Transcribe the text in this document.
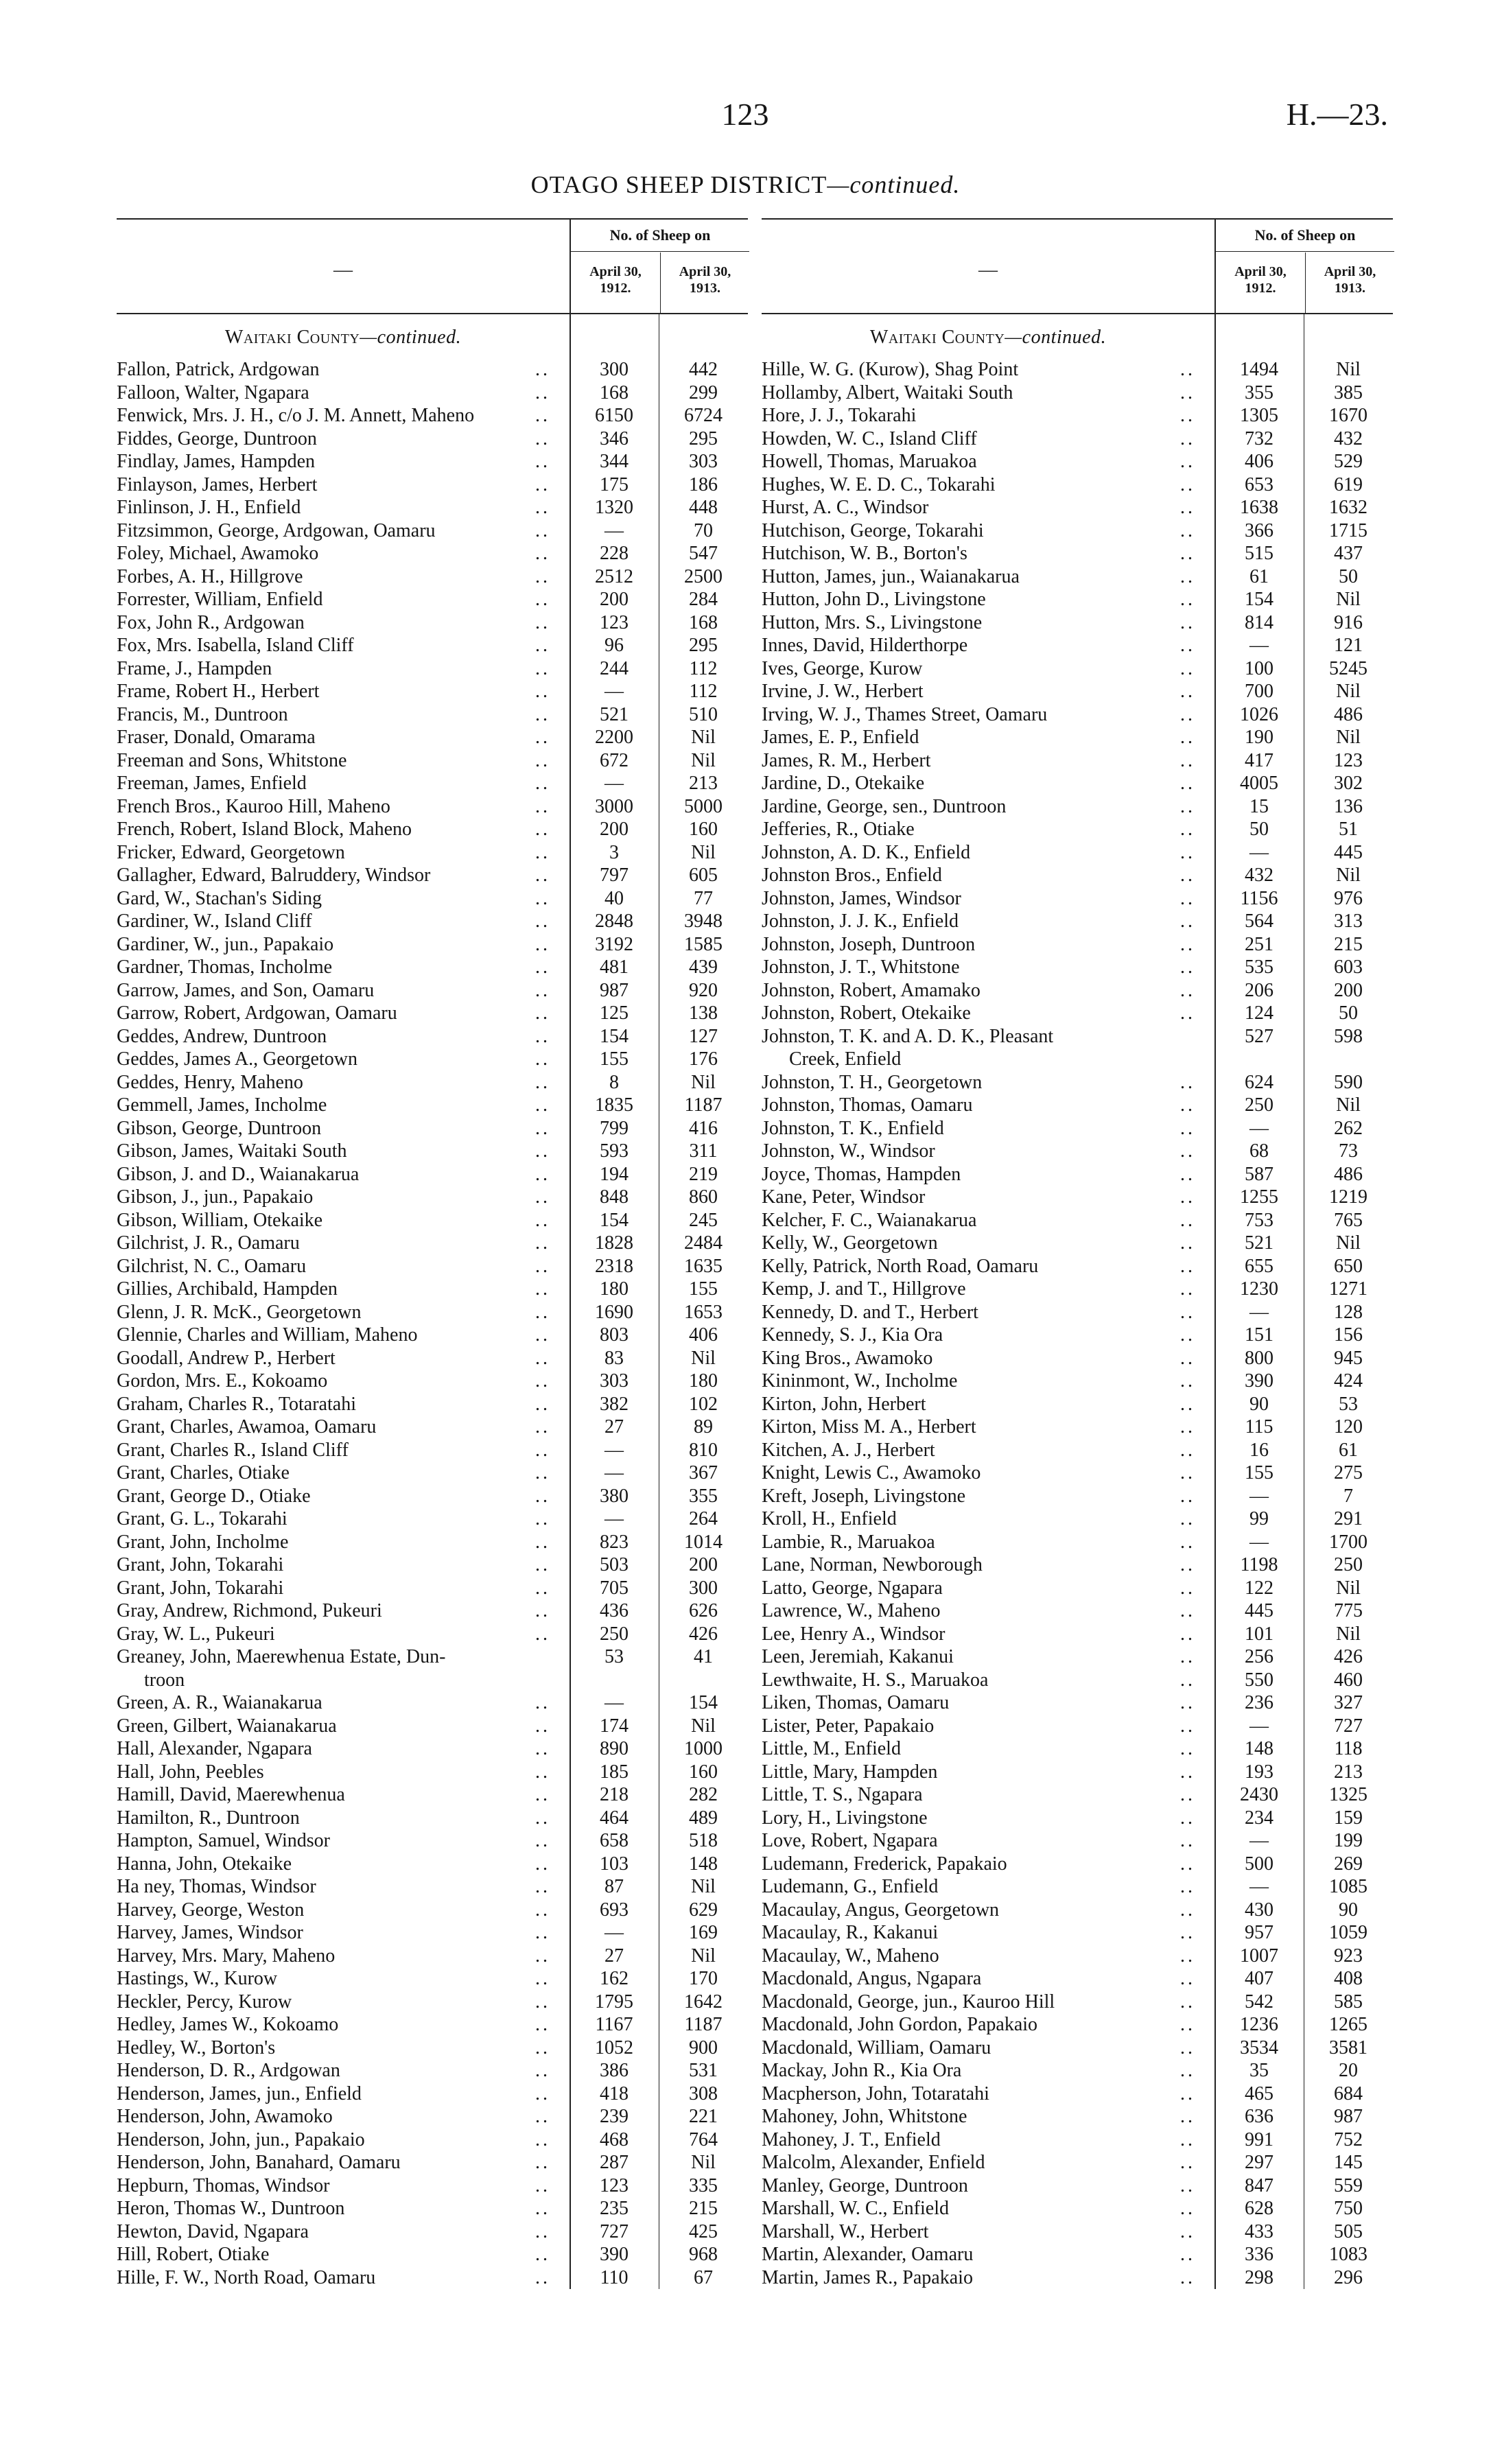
123	H.—23.
OTAGO SHEEP DISTRICT—continued.
—
No. of Sheep on
April 30,
1912.
April 30,
1913.
Waitaki County—continued.
Fallon, Patrick, Ardgowan	..	300	442
Falloon, Walter, Ngapara	..	168	299
Fenwick, Mrs. J. H., c/o J. M. Annett, Maheno	..	6150	6724
Fiddes, George, Duntroon	..	346	295
Findlay, James, Hampden	..	344	303
Finlayson, James, Herbert	..	175	186
Finlinson, J. H., Enfield	..	1320	448
Fitzsimmon, George, Ardgowan, Oamaru	..	—	70
Foley, Michael, Awamoko	..	228	547
Forbes, A. H., Hillgrove	..	2512	2500
Forrester, William, Enfield	..	200	284
Fox, John R., Ardgowan	..	123	168
Fox, Mrs. Isabella, Island Cliff	..	96	295
Frame, J., Hampden	..	244	112
Frame, Robert H., Herbert	..	—	112
Francis, M., Duntroon	..	521	510
Fraser, Donald, Omarama	..	2200	Nil
Freeman and Sons, Whitstone	..	672	Nil
Freeman, James, Enfield	..	—	213
French Bros., Kauroo Hill, Maheno	..	3000	5000
French, Robert, Island Block, Maheno	..	200	160
Fricker, Edward, Georgetown	..	3	Nil
Gallagher, Edward, Balruddery, Windsor	..	797	605
Gard, W., Stachan's Siding	..	40	77
Gardiner, W., Island Cliff	..	2848	3948
Gardiner, W., jun., Papakaio	..	3192	1585
Gardner, Thomas, Incholme	..	481	439
Garrow, James, and Son, Oamaru	..	987	920
Garrow, Robert, Ardgowan, Oamaru	..	125	138
Geddes, Andrew, Duntroon	..	154	127
Geddes, James A., Georgetown	..	155	176
Geddes, Henry, Maheno	..	8	Nil
Gemmell, James, Incholme	..	1835	1187
Gibson, George, Duntroon	..	799	416
Gibson, James, Waitaki South	..	593	311
Gibson, J. and D., Waianakarua	..	194	219
Gibson, J., jun., Papakaio	..	848	860
Gibson, William, Otekaike	..	154	245
Gilchrist, J. R., Oamaru	..	1828	2484
Gilchrist, N. C., Oamaru	..	2318	1635
Gillies, Archibald, Hampden	..	180	155
Glenn, J. R. McK., Georgetown	..	1690	1653
Glennie, Charles and William, Maheno	..	803	406
Goodall, Andrew P., Herbert	..	83	Nil
Gordon, Mrs. E., Kokoamo	..	303	180
Graham, Charles R., Totaratahi	..	382	102
Grant, Charles, Awamoa, Oamaru	..	27	89
Grant, Charles R., Island Cliff	..	—	810
Grant, Charles, Otiake	..	—	367
Grant, George D., Otiake	..	380	355
Grant, G. L., Tokarahi	..	—	264
Grant, John, Incholme	..	823	1014
Grant, John, Tokarahi	..	503	200
Grant, John, Tokarahi	..	705	300
Gray, Andrew, Richmond, Pukeuri	..	436	626
Gray, W. L., Pukeuri	..	250	426
Greaney, John, Maerewhenua Estate, Dun-
troon
53	41
Green, A. R., Waianakarua	..	—	154
Green, Gilbert, Waianakarua	..	174	Nil
Hall, Alexander, Ngapara	..	890	1000
Hall, John, Peebles	..	185	160
Hamill, David, Maerewhenua	..	218	282
Hamilton, R., Duntroon	..	464	489
Hampton, Samuel, Windsor	..	658	518
Hanna, John, Otekaike	..	103	148
Ha ney, Thomas, Windsor	..	87	Nil
Harvey, George, Weston	..	693	629
Harvey, James, Windsor	..	—	169
Harvey, Mrs. Mary, Maheno	..	27	Nil
Hastings, W., Kurow	..	162	170
Heckler, Percy, Kurow	..	1795	1642
Hedley, James W., Kokoamo	..	1167	1187
Hedley, W., Borton's	..	1052	900
Henderson, D. R., Ardgowan	..	386	531
Henderson, James, jun., Enfield	..	418	308
Henderson, John, Awamoko	..	239	221
Henderson, John, jun., Papakaio	..	468	764
Henderson, John, Banahard, Oamaru	..	287	Nil
Hepburn, Thomas, Windsor	..	123	335
Heron, Thomas W., Duntroon	..	235	215
Hewton, David, Ngapara	..	727	425
Hill, Robert, Otiake	..	390	968
Hille, F. W., North Road, Oamaru	..	110	67
—
No. of Sheep on
April 30,
1912.
April 30,
1913.
Waitaki County—continued.
Hille, W. G. (Kurow), Shag Point	..	1494	Nil
Hollamby, Albert, Waitaki South	..	355	385
Hore, J. J., Tokarahi	..	1305	1670
Howden, W. C., Island Cliff	..	732	432
Howell, Thomas, Maruakoa	..	406	529
Hughes, W. E. D. C., Tokarahi	..	653	619
Hurst, A. C., Windsor	..	1638	1632
Hutchison, George, Tokarahi	..	366	1715
Hutchison, W. B., Borton's	..	515	437
Hutton, James, jun., Waianakarua	..	61	50
Hutton, John D., Livingstone	..	154	Nil
Hutton, Mrs. S., Livingstone	..	814	916
Innes, David, Hilderthorpe	..	—	121
Ives, George, Kurow	..	100	5245
Irvine, J. W., Herbert	..	700	Nil
Irving, W. J., Thames Street, Oamaru	..	1026	486
James, E. P., Enfield	..	190	Nil
James, R. M., Herbert	..	417	123
Jardine, D., Otekaike	..	4005	302
Jardine, George, sen., Duntroon	..	15	136
Jefferies, R., Otiake	..	50	51
Johnston, A. D. K., Enfield	..	—	445
Johnston Bros., Enfield	..	432	Nil
Johnston, James, Windsor	..	1156	976
Johnston, J. J. K., Enfield	..	564	313
Johnston, Joseph, Duntroon	..	251	215
Johnston, J. T., Whitstone	..	535	603
Johnston, Robert, Amamako	..	206	200
Johnston, Robert, Otekaike	..	124	50
Johnston, T. K. and A. D. K., Pleasant
Creek, Enfield
527	598
Johnston, T. H., Georgetown	..	624	590
Johnston, Thomas, Oamaru	..	250	Nil
Johnston, T. K., Enfield	..	—	262
Johnston, W., Windsor	..	68	73
Joyce, Thomas, Hampden	..	587	486
Kane, Peter, Windsor	..	1255	1219
Kelcher, F. C., Waianakarua	..	753	765
Kelly, W., Georgetown	..	521	Nil
Kelly, Patrick, North Road, Oamaru	..	655	650
Kemp, J. and T., Hillgrove	..	1230	1271
Kennedy, D. and T., Herbert	..	—	128
Kennedy, S. J., Kia Ora	..	151	156
King Bros., Awamoko	..	800	945
Kininmont, W., Incholme	..	390	424
Kirton, John, Herbert	..	90	53
Kirton, Miss M. A., Herbert	..	115	120
Kitchen, A. J., Herbert	..	16	61
Knight, Lewis C., Awamoko	..	155	275
Kreft, Joseph, Livingstone	..	—	7
Kroll, H., Enfield	..	99	291
Lambie, R., Maruakoa	..	—	1700
Lane, Norman, Newborough	..	1198	250
Latto, George, Ngapara	..	122	Nil
Lawrence, W., Maheno	..	445	775
Lee, Henry A., Windsor	..	101	Nil
Leen, Jeremiah, Kakanui	..	256	426
Lewthwaite, H. S., Maruakoa	..	550	460
Liken, Thomas, Oamaru	..	236	327
Lister, Peter, Papakaio	..	—	727
Little, M., Enfield	..	148	118
Little, Mary, Hampden	..	193	213
Little, T. S., Ngapara	..	2430	1325
Lory, H., Livingstone	..	234	159
Love, Robert, Ngapara	..	—	199
Ludemann, Frederick, Papakaio	..	500	269
Ludemann, G., Enfield	..	—	1085
Macaulay, Angus, Georgetown	..	430	90
Macaulay, R., Kakanui	..	957	1059
Macaulay, W., Maheno	..	1007	923
Macdonald, Angus, Ngapara	..	407	408
Macdonald, George, jun., Kauroo Hill	..	542	585
Macdonald, John Gordon, Papakaio	..	1236	1265
Macdonald, William, Oamaru	..	3534	3581
Mackay, John R., Kia Ora	..	35	20
Macpherson, John, Totaratahi	..	465	684
Mahoney, John, Whitstone	..	636	987
Mahoney, J. T., Enfield	..	991	752
Malcolm, Alexander, Enfield	..	297	145
Manley, George, Duntroon	..	847	559
Marshall, W. C., Enfield	..	628	750
Marshall, W., Herbert	..	433	505
Martin, Alexander, Oamaru	..	336	1083
Martin, James R., Papakaio	..	298	296
